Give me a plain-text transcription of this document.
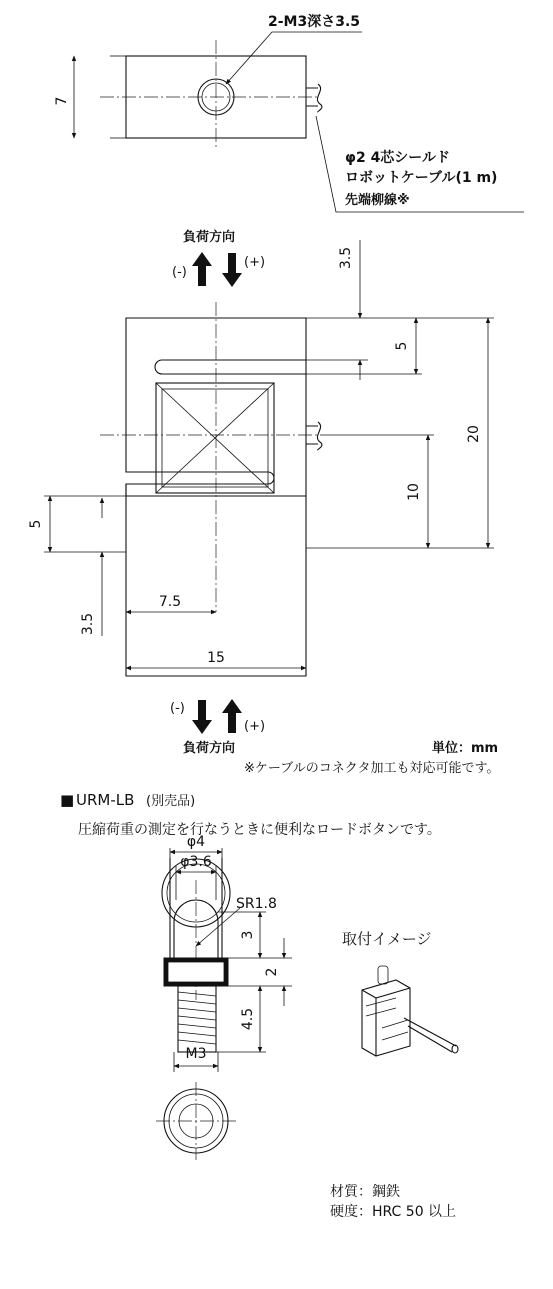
7
2-M3深さ3.5
φ2 4芯シールド
ロボットケーブル(1 m)
先端柳線※
負荷方向
(-)
(+)	3.5
5
20
10
5
3.5
7.5
15
(-)
(+)
負荷方向	単位：mm
※ケーブルのコネクタ加工も対応可能です。
■ URM-LB (別売品)
圧縮荷重の測定を行なうときに便利なロードボタンです。
φ4
φ3.6
SR1.8
M3
3
2
4.5
取付イメージ
材質：鋼鉄
硬度：HRC 50 以上
